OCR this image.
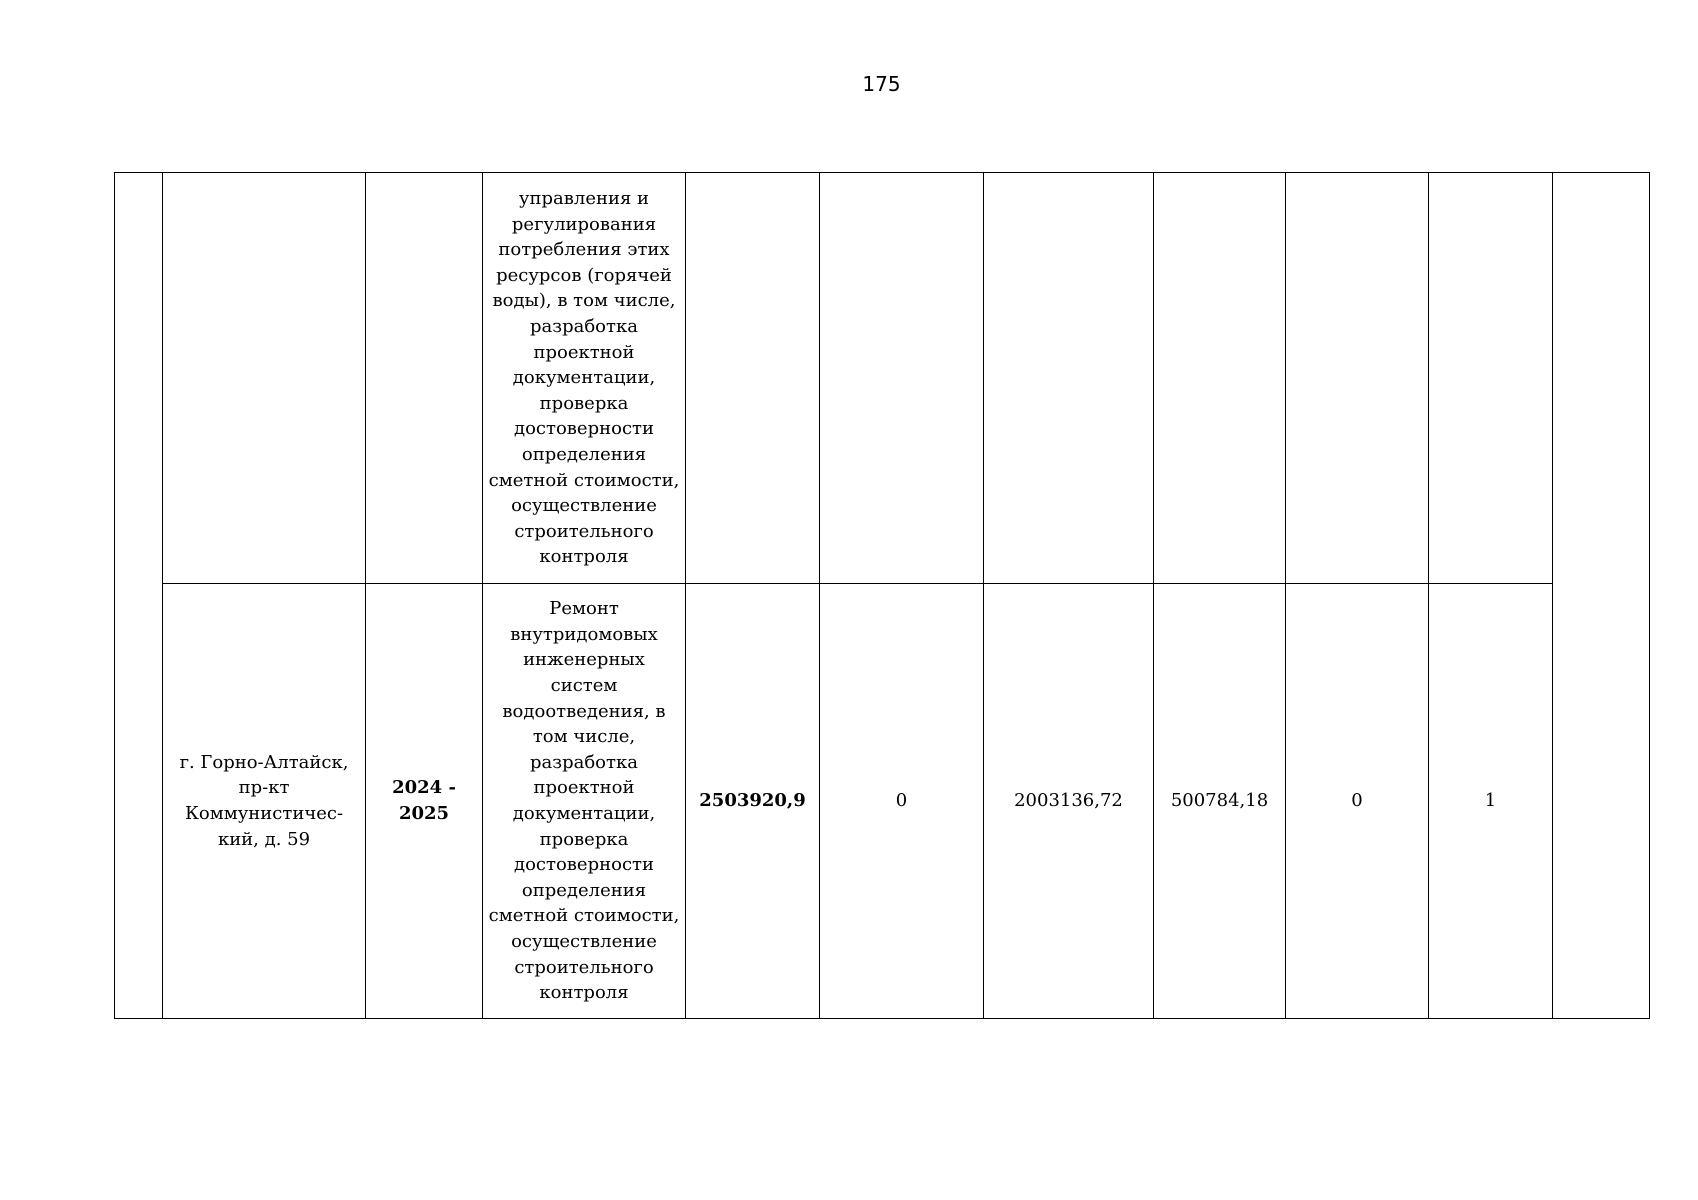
175
			управления и регулирования потребления этих ресурсов (горячей воды), в том числе, разработка проектной документации, проверка достоверности определения сметной стоимости, осуществление строительного контроля							
	г. Горно-Алтайск, пр-кт Коммунистичес-кий, д. 59	2024 - 2025	Ремонт внутридомовых инженерных систем водоотведения, в том числе, разработка проектной документации, проверка достоверности определения сметной стоимости, осуществление строительного контроля	2503920,9	0	2003136,72	500784,18	0	1	
